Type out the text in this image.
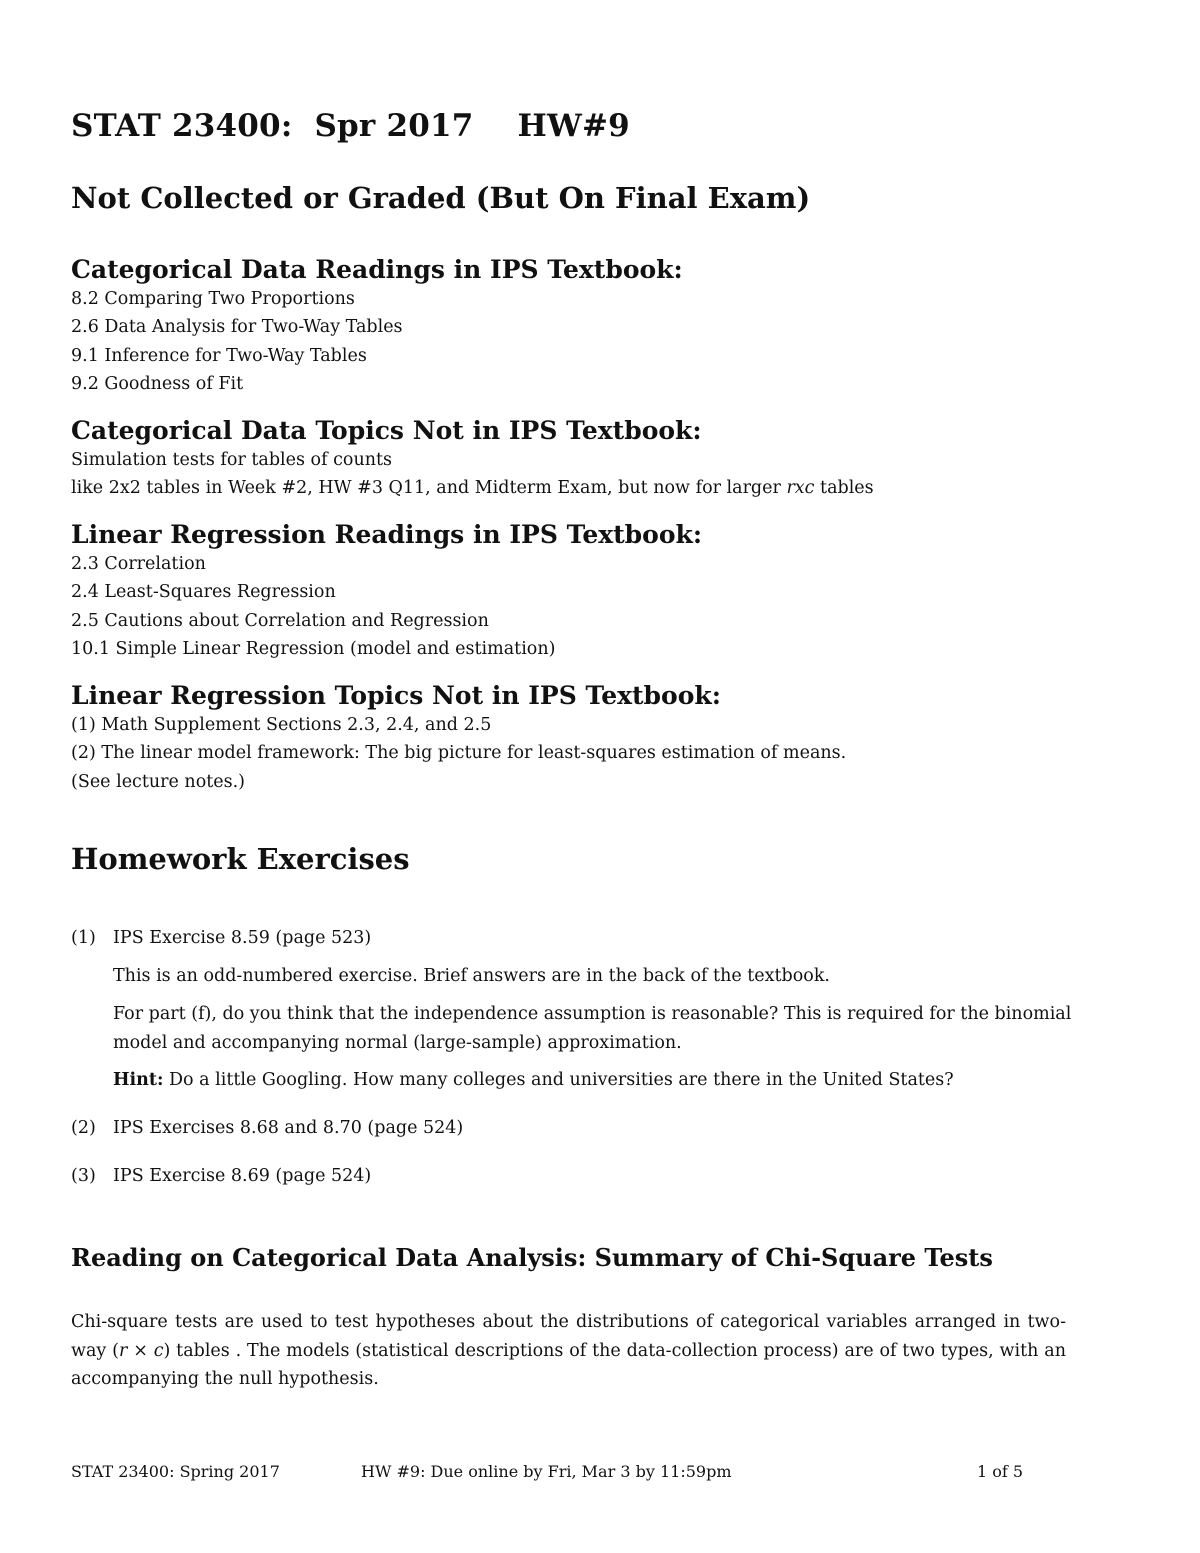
STAT 23400:  Spr 2017    HW#9
Not Collected or Graded (But On Final Exam)
Categorical Data Readings in IPS Textbook:
8.2 Comparing Two Proportions
2.6 Data Analysis for Two-Way Tables
9.1 Inference for Two-Way Tables
9.2 Goodness of Fit
Categorical Data Topics Not in IPS Textbook:
Simulation tests for tables of counts
like 2x2 tables in Week #2, HW #3 Q11, and Midterm Exam, but now for larger rxc tables
Linear Regression Readings in IPS Textbook:
2.3 Correlation
2.4 Least-Squares Regression
2.5 Cautions about Correlation and Regression
10.1 Simple Linear Regression (model and estimation)
Linear Regression Topics Not in IPS Textbook:
(1) Math Supplement Sections 2.3, 2.4, and 2.5
(2) The linear model framework: The big picture for least-squares estimation of means.
(See lecture notes.)
Homework Exercises
(1) IPS Exercise 8.59 (page 523)
This is an odd-numbered exercise. Brief answers are in the back of the textbook.
For part (f), do you think that the independence assumption is reasonable? This is required for the binomial model and accompanying normal (large-sample) approximation.
Hint: Do a little Googling. How many colleges and universities are there in the United States?
(2) IPS Exercises 8.68 and 8.70 (page 524)
(3) IPS Exercise 8.69 (page 524)
Reading on Categorical Data Analysis: Summary of Chi-Square Tests
Chi-square tests are used to test hypotheses about the distributions of categorical variables arranged in two-way (r × c) tables . The models (statistical descriptions of the data-collection process) are of two types, with an accompanying the null hypothesis.
STAT 23400: Spring 2017	HW #9: Due online by Fri, Mar 3 by 11:59pm	1 of 5
